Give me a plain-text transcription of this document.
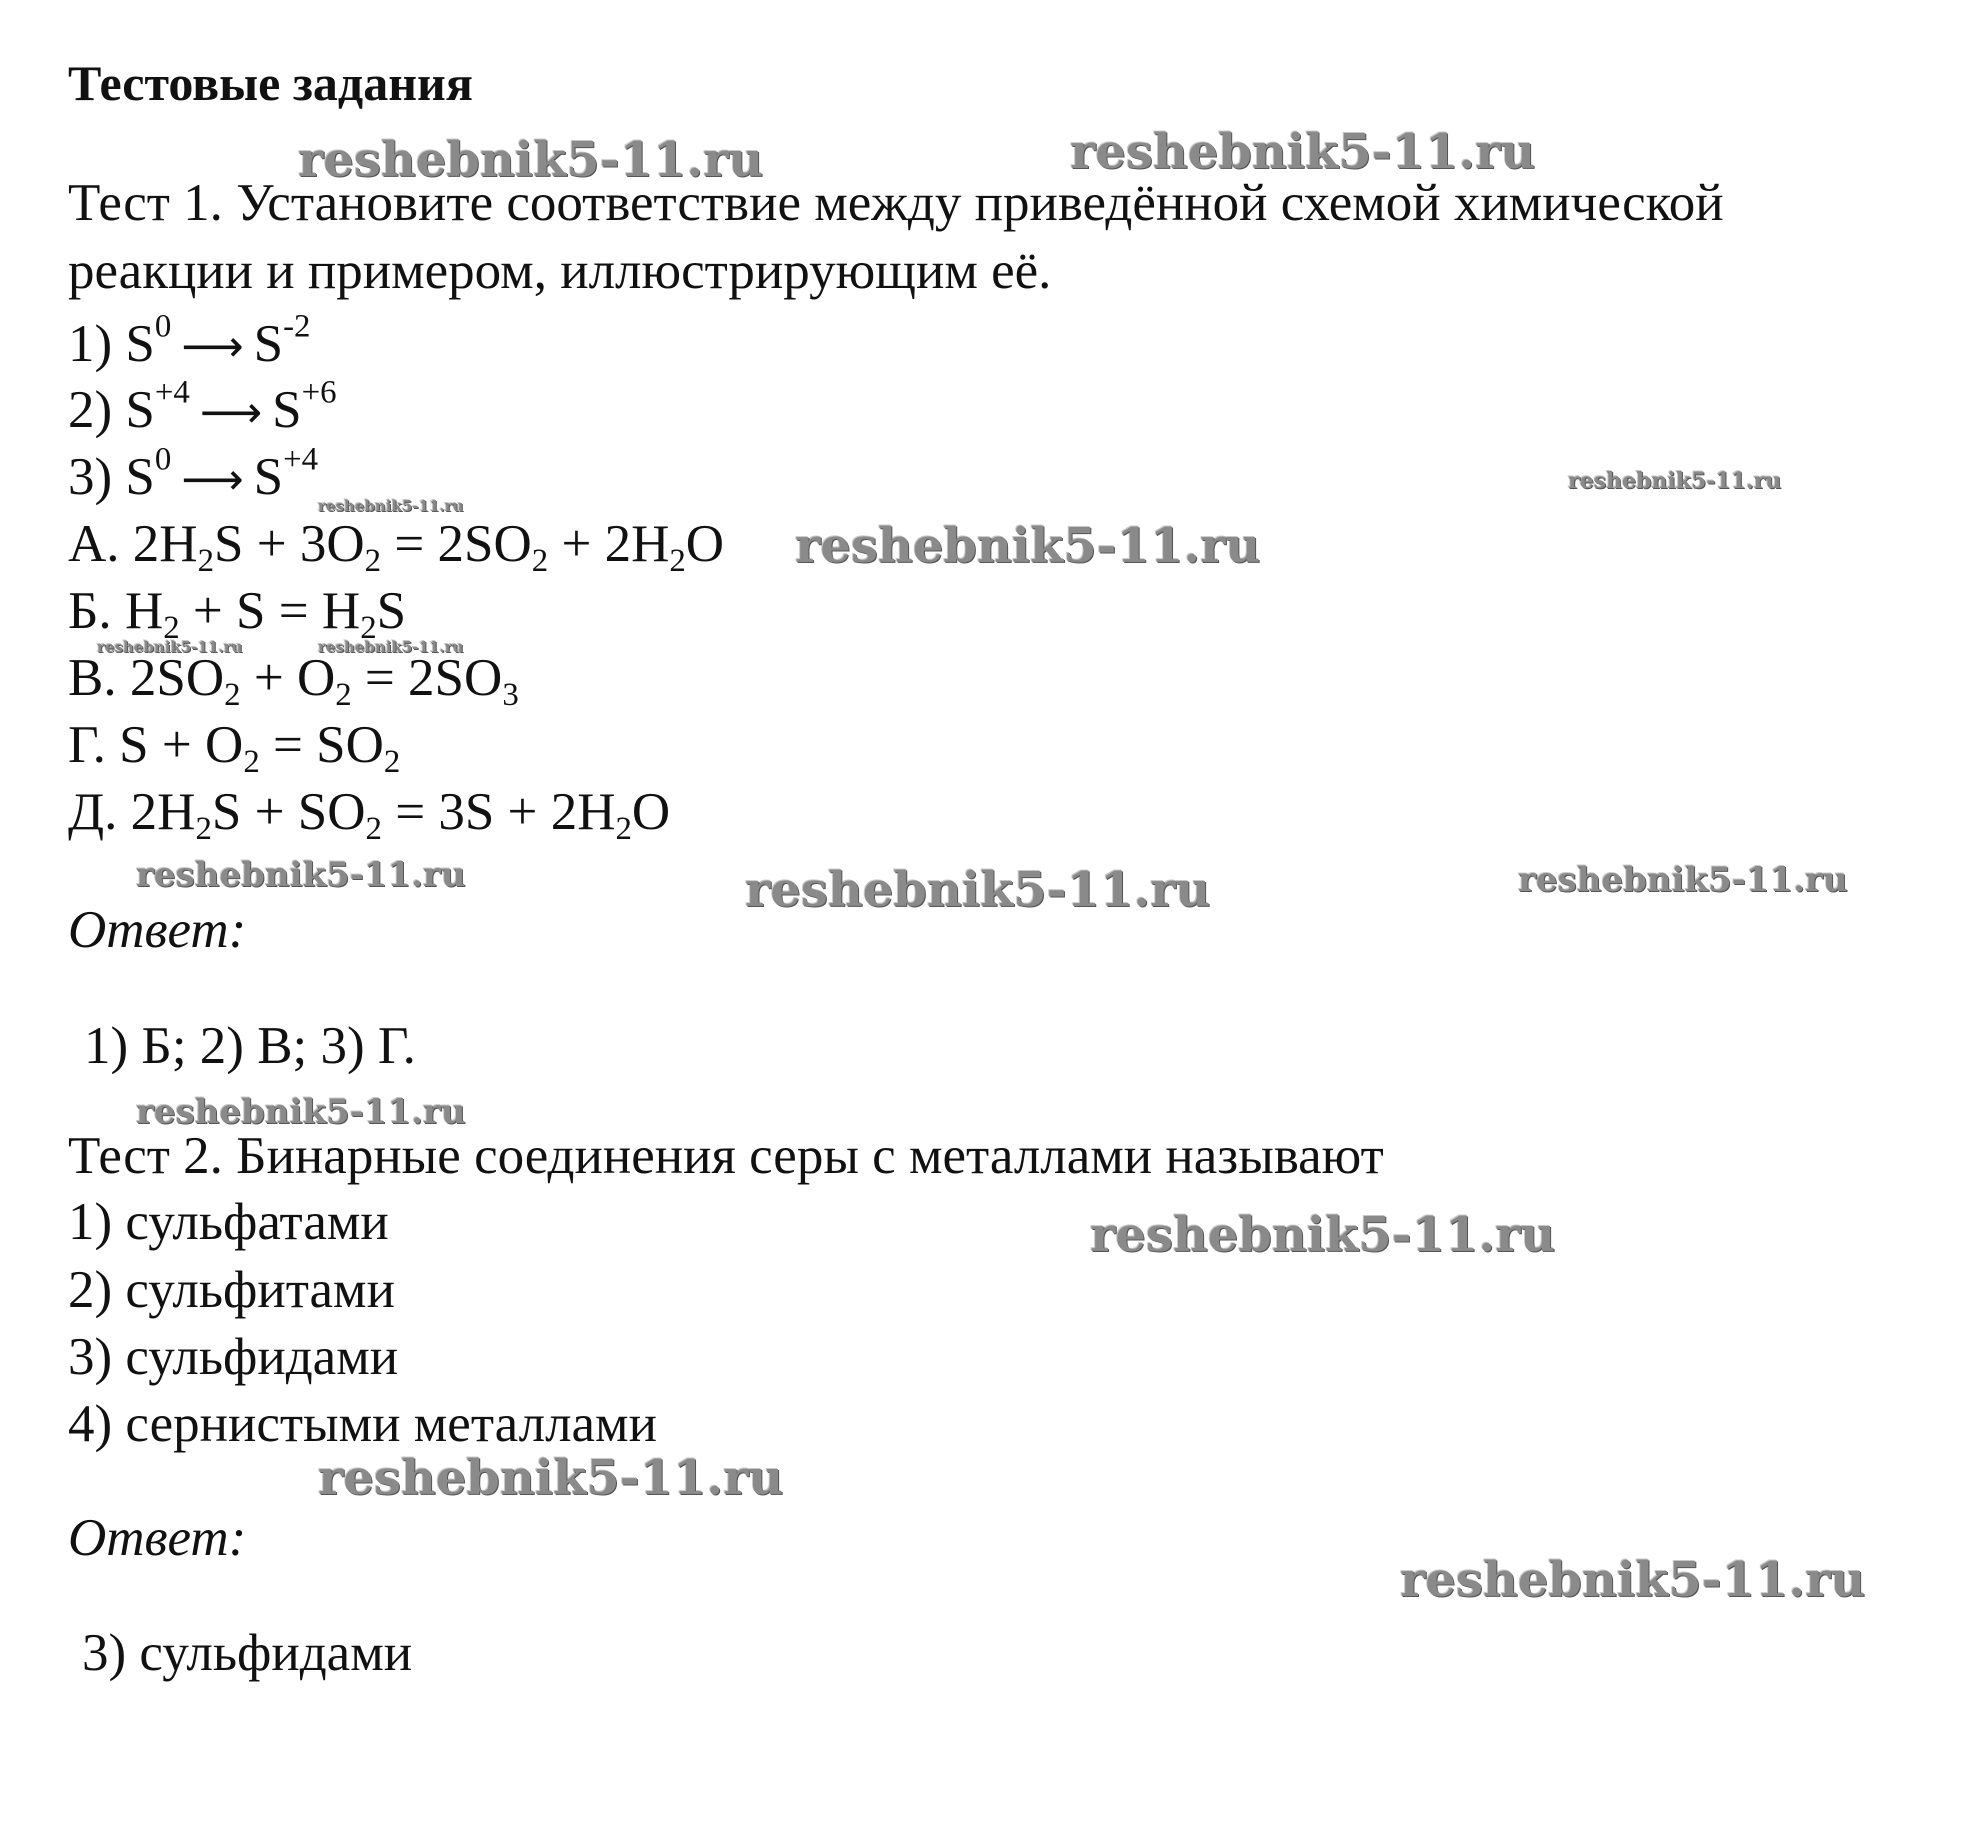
Тестовые задания
Тест 1. Установите соответствие между приведённой схемой химической
реакции и примером, иллюстрирующим её.
1) $S^0$ ⟶ $S^{-2}$
2) $S^{+4}$ ⟶ $S^{+6}$
3) $S^0$ ⟶ $S^{+4}$
А. $2H_2S + 3O_2 = 2SO_2 + 2H_2O$
Б. $H_2 + S = H_2S$
В. $2SO_2 + O_2 = 2SO_3$
Г. $S + O_2 = SO_2$
Д. $2H_2S + SO_2 = 3S + 2H_2O$
Ответ:
1) Б; 2) В; 3) Г.
Тест 2. Бинарные соединения серы с металлами называют
1) сульфатами
2) сульфитами
3) сульфидами
4) сернистыми металлами
Ответ:
3) сульфидами
reshebnik5-11.ru	reshebnik5-11.ru
reshebnik5-11.ru
reshebnik5-11.ru
reshebnik5-11.ru
reshebnik5-11.ru	reshebnik5-11.ru
reshebnik5-11.ru	reshebnik5-11.ru	reshebnik5-11.ru
reshebnik5-11.ru
reshebnik5-11.ru
reshebnik5-11.ru
reshebnik5-11.ru
